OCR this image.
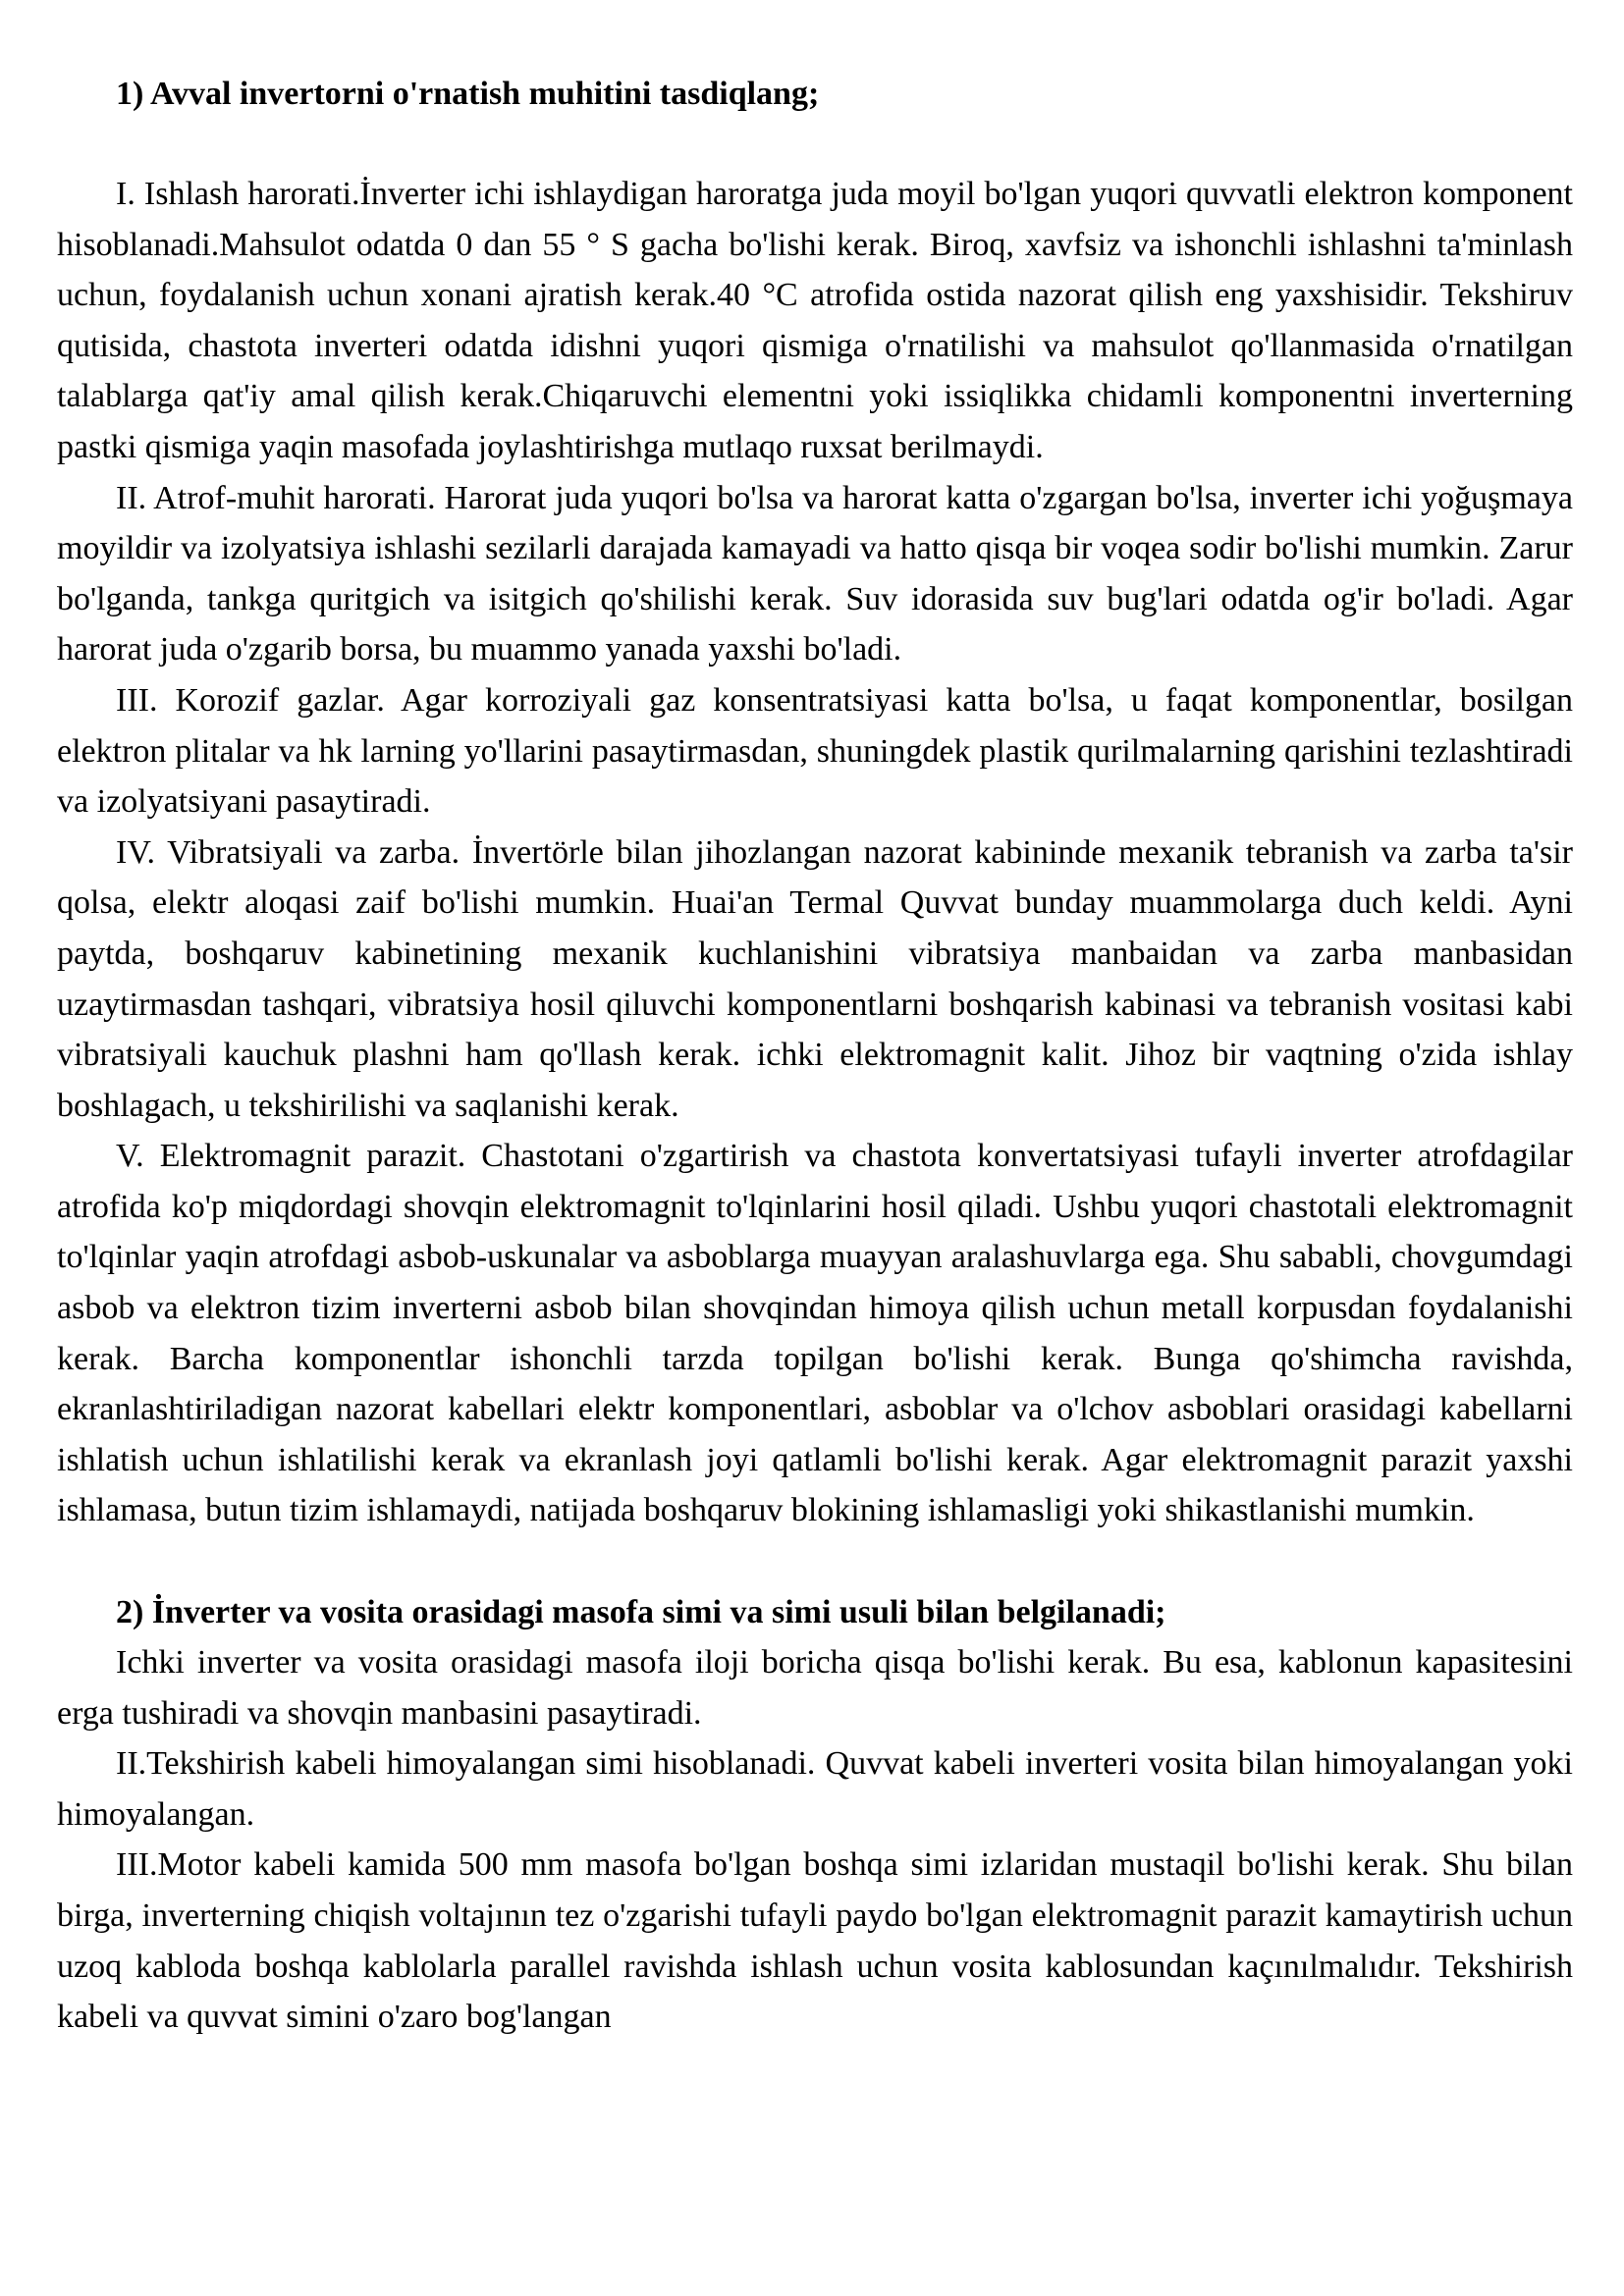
1) Avval invertorni o'rnatish muhitini tasdiqlang;

I. Ishlash harorati.İnverter ichi ishlaydigan haroratga juda moyil bo'lgan yuqori quvvatli elektron komponent hisoblanadi.Mahsulot odatda 0 dan 55 ° S gacha bo'lishi kerak. Biroq, xavfsiz va ishonchli ishlashni ta'minlash uchun, foydalanish uchun xonani ajratish kerak.40 °C atrofida ostida nazorat qilish eng yaxshisidir. Tekshiruv qutisida, chastota inverteri odatda idishni yuqori qismiga o'rnatilishi va mahsulot qo'llanmasida o'rnatilgan talablarga qat'iy amal qilish kerak.Chiqaruvchi elementni yoki issiqlikka chidamli komponentni inverterning pastki qismiga yaqin masofada joylashtirishga mutlaqo ruxsat berilmaydi.

II. Atrof-muhit harorati. Harorat juda yuqori bo'lsa va harorat katta o'zgargan bo'lsa, inverter ichi yoğuşmaya moyildir va izolyatsiya ishlashi sezilarli darajada kamayadi va hatto qisqa bir voqea sodir bo'lishi mumkin. Zarur bo'lganda, tankga quritgich va isitgich qo'shilishi kerak. Suv idorasida suv bug'lari odatda og'ir bo'ladi. Agar harorat juda o'zgarib borsa, bu muammo yanada yaxshi bo'ladi.

III. Korozif gazlar. Agar korroziyali gaz konsentratsiyasi katta bo'lsa, u faqat komponentlar, bosilgan elektron plitalar va hk larning yo'llarini pasaytirmasdan, shuningdek plastik qurilmalarning qarishini tezlashtiradi va izolyatsiyani pasaytiradi.

IV. Vibratsiyali va zarba. İnvertörle bilan jihozlangan nazorat kabininde mexanik tebranish va zarba ta'sir qolsa, elektr aloqasi zaif bo'lishi mumkin. Huai'an Termal Quvvat bunday muammolarga duch keldi. Ayni paytda, boshqaruv kabinetining mexanik kuchlanishini vibratsiya manbaidan va zarba manbasidan uzaytirmasdan tashqari, vibratsiya hosil qiluvchi komponentlarni boshqarish kabinasi va tebranish vositasi kabi vibratsiyali kauchuk plashni ham qo'llash kerak. ichki elektromagnit kalit. Jihoz bir vaqtning o'zida ishlay boshlagach, u tekshirilishi va saqlanishi kerak.

V. Elektromagnit parazit. Chastotani o'zgartirish va chastota konvertatsiyasi tufayli inverter atrofdagilar atrofida ko'p miqdordagi shovqin elektromagnit to'lqinlarini hosil qiladi. Ushbu yuqori chastotali elektromagnit to'lqinlar yaqin atrofdagi asbob-uskunalar va asboblarga muayyan aralashuvlarga ega. Shu sababli, chovgumdagi asbob va elektron tizim inverterni asbob bilan shovqindan himoya qilish uchun metall korpusdan foydalanishi kerak. Barcha komponentlar ishonchli tarzda topilgan bo'lishi kerak. Bunga qo'shimcha ravishda, ekranlashtiriladigan nazorat kabellari elektr komponentlari, asboblar va o'lchov asboblari orasidagi kabellarni ishlatish uchun ishlatilishi kerak va ekranlash joyi qatlamli bo'lishi kerak. Agar elektromagnit parazit yaxshi ishlamasa, butun tizim ishlamaydi, natijada boshqaruv blokining ishlamasligi yoki shikastlanishi mumkin.

2) İnverter va vosita orasidagi masofa simi va simi usuli bilan belgilanadi;

Ichki inverter va vosita orasidagi masofa iloji boricha qisqa bo'lishi kerak. Bu esa, kablonun kapasitesini erga tushiradi va shovqin manbasini pasaytiradi.

II.Tekshirish kabeli himoyalangan simi hisoblanadi. Quvvat kabeli inverteri vosita bilan himoyalangan yoki himoyalangan.

III.Motor kabeli kamida 500 mm masofa bo'lgan boshqa simi izlaridan mustaqil bo'lishi kerak. Shu bilan birga, inverterning chiqish voltajının tez o'zgarishi tufayli paydo bo'lgan elektromagnit parazit kamaytirish uchun uzoq kabloda boshqa kablolarla parallel ravishda ishlash uchun vosita kablosundan kaçınılmalıdır. Tekshirish kabeli va quvvat simini o'zaro bog'langan
